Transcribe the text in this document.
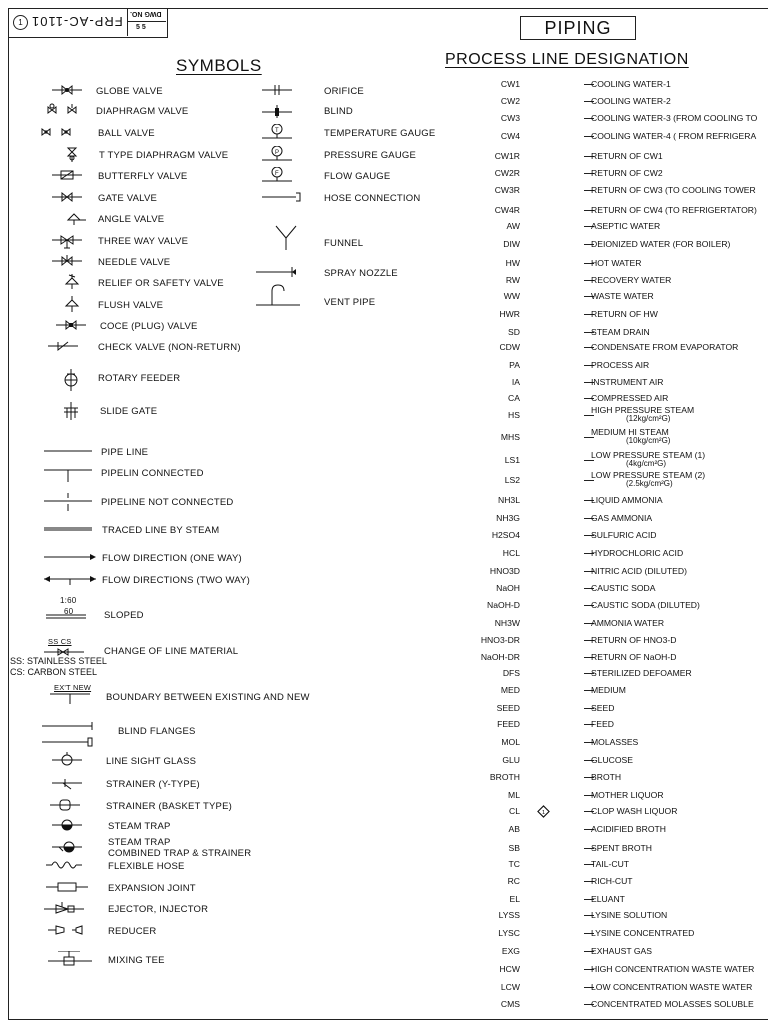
1 FRP-AC-1101
DWG NO.
5 5
SYMBOLS
PIPING
PROCESS LINE DESIGNATION
GLOBE VALVE
DIAPHRAGM VALVE
BALL VALVE
T TYPE DIAPHRAGM VALVE
BUTTERFLY VALVE
GATE VALVE
ANGLE VALVE
THREE WAY VALVE
NEEDLE VALVE
RELIEF OR SAFETY VALVE
FLUSH VALVE
COCE (PLUG) VALVE
CHECK VALVE (NON-RETURN)
ROTARY FEEDER
SLIDE GATE
PIPE LINE
PIPELIN CONNECTED
PIPELINE NOT CONNECTED
TRACED LINE BY STEAM
FLOW DIRECTION (ONE WAY)
FLOW DIRECTIONS (TWO WAY)
SLOPED
1:60
60
CHANGE OF LINE MATERIAL
SS CS
BOUNDARY BETWEEN EXISTING AND NEW
EX'T NEW
BLIND FLANGES
LINE SIGHT GLASS
STRAINER (Y-TYPE)
STRAINER (BASKET TYPE)
STEAM TRAP
STEAM TRAP
COMBINED TRAP & STRAINER
FLEXIBLE HOSE
EXPANSION JOINT
EJECTOR, INJECTOR
REDUCER
MIXING TEE
ORIFICE
BLIND
T	TEMPERATURE GAUGE
P	PRESSURE GAUGE
F	FLOW GAUGE
HOSE CONNECTION
FUNNEL
SPRAY NOZZLE
VENT PIPE
SS: STAINLESS STEEL
CS: CARBON STEEL
CW1	COOLING WATER-1
CW2	COOLING WATER-2
CW3	COOLING WATER-3 (FROM COOLING TO
CW4	COOLING WATER-4 ( FROM REFRIGERA
CW1R	RETURN OF CW1
CW2R	RETURN OF CW2
CW3R	RETURN OF CW3 (TO COOLING TOWER
CW4R	RETURN OF CW4 (TO REFRIGERTATOR)
AW	ASEPTIC WATER
DIW	DEIONIZED WATER (FOR BOILER)
HW	HOT WATER
RW	RECOVERY WATER
WW	WASTE WATER
HWR	RETURN OF HW
SD	STEAM DRAIN
CDW	CONDENSATE FROM EVAPORATOR
PA	PROCESS AIR
IA	INSTRUMENT AIR
CA	COMPRESSED AIR
HS	HIGH PRESSURE STEAM
(12kg/cm²G)
MHS	MEDIUM HI STEAM
(10kg/cm²G)
LS1	LOW PRESSURE STEAM (1)
(4kg/cm²G)
LS2	LOW PRESSURE STEAM (2)
(2.5kg/cm²G)
NH3L	LIQUID AMMONIA
NH3G	GAS AMMONIA
H2SO4	SULFURIC ACID
HCL	HYDROCHLORIC ACID
HNO3D	NITRIC ACID (DILUTED)
NaOH	CAUSTIC SODA
NaOH-D	CAUSTIC SODA (DILUTED)
NH3W	AMMONIA WATER
HNO3-DR	RETURN OF HNO3-D
NaOH-DR	RETURN OF NaOH-D
DFS	STERILIZED DEFOAMER
MED	MEDIUM
SEED	SEED
FEED	FEED
MOL	MOLASSES
GLU	GLUCOSE
BROTH	BROTH
ML	MOTHER LIQUOR
CL	CLOP WASH LIQUOR
AB	ACIDIFIED BROTH
SB	SPENT BROTH
TC	TAIL-CUT
RC	RICH-CUT
EL	ELUANT
LYSS	LYSINE SOLUTION
LYSC	LYSINE CONCENTRATED
EXG	EXHAUST GAS
HCW	HIGH CONCENTRATION WASTE WATER
LCW	LOW CONCENTRATION WASTE WATER
CMS	CONCENTRATED MOLASSES SOLUBLE
1
